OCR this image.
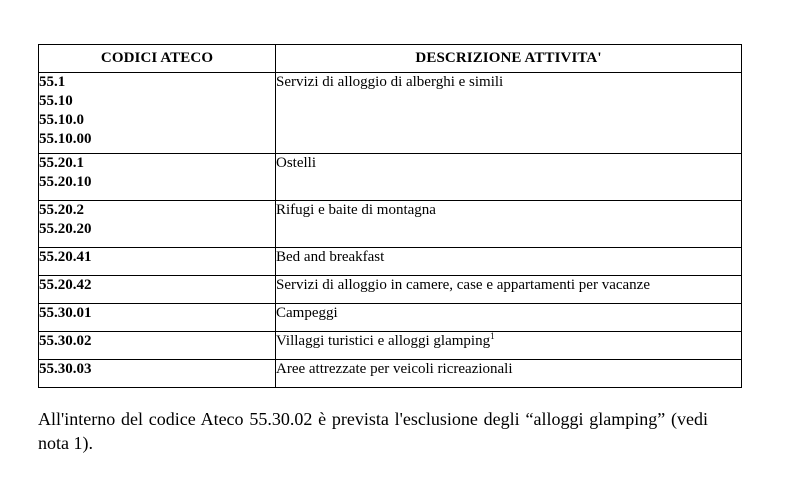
CODICI ATECO	DESCRIZIONE ATTIVITA'

55.1
55.10
55.10.0
55.10.00	Servizi di alloggio di alberghi e simili

55.20.1
55.20.10	Ostelli

55.20.2
55.20.20	Rifugi e baite di montagna

55.20.41	Bed and breakfast

55.20.42	Servizi di alloggio in camere, case e appartamenti per vacanze

55.30.01	Campeggi

55.30.02	Villaggi turistici e alloggi glamping$^1$

55.30.03	Aree attrezzate per veicoli ricreazionali

All'interno del codice Ateco 55.30.02 è prevista l'esclusione degli “alloggi glamping” (vedi nota 1).
